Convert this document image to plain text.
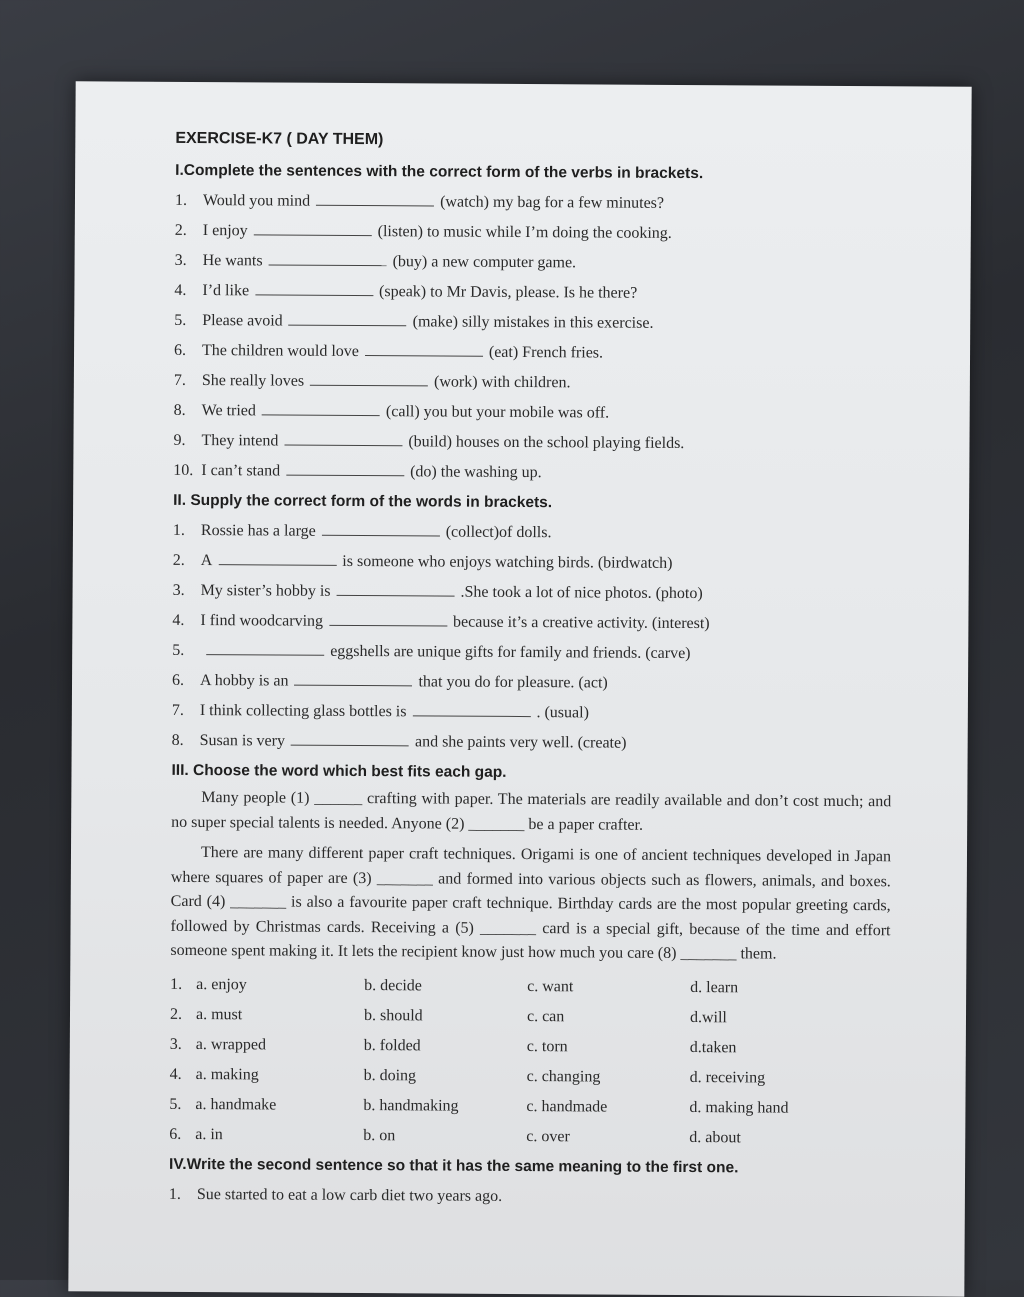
EXERCISE-K7 ( DAY THEM)

I.Complete the sentences with the correct form of the verbs in brackets.

1. Would you mind	(watch) my bag for a few minutes?
2. I enjoy	(listen) to music while I’m doing the cooking.
3. He wants	(buy) a new computer game.
4. I’d like	(speak) to Mr Davis, please. Is he there?
5. Please avoid	(make) silly mistakes in this exercise.
6. The children would love	(eat) French fries.
7. She really loves	(work) with children.
8. We tried	(call) you but your mobile was off.
9. They intend	(build) houses on the school playing fields.
10. I can’t stand	(do) the washing up.

II. Supply the correct form of the words in brackets.

1. Rossie has a large	(collect)of dolls.
2. A	is someone who enjoys watching birds. (birdwatch)
3. My sister’s hobby is	.She took a lot of nice photos. (photo)
4. I find woodcarving	because it’s a creative activity. (interest)
5.	eggshells are unique gifts for family and friends. (carve)
6. A hobby is an	that you do for pleasure. (act)
7. I think collecting glass bottles is	. (usual)
8. Susan is very	and she paints very well. (create)

III. Choose the word which best fits each gap.

Many people (1) ______ crafting with paper. The materials are readily available and don’t cost much; and no super special talents is needed. Anyone (2) _______ be a paper crafter.

There are many different paper craft techniques. Origami is one of ancient techniques developed in Japan where squares of paper are (3) _______ and formed into various objects such as flowers, animals, and boxes. Card (4) _______ is also a favourite paper craft technique. Birthday cards are the most popular greeting cards, followed by Christmas cards. Receiving a (5) _______ card is a special gift, because of the time and effort someone spent making it. It lets the recipient know just how much you care (8) _______ them.

1. a. enjoy	b. decide	c. want	d. learn
2. a. must	b. should	c. can	d.will
3. a. wrapped	b. folded	c. torn	d.taken
4. a. making	b. doing	c. changing	d. receiving
5. a. handmake	b. handmaking	c. handmade	d. making hand
6. a. in	b. on	c. over	d. about

IV.Write the second sentence so that it has the same meaning to the first one.

1. Sue started to eat a low carb diet two years ago.
